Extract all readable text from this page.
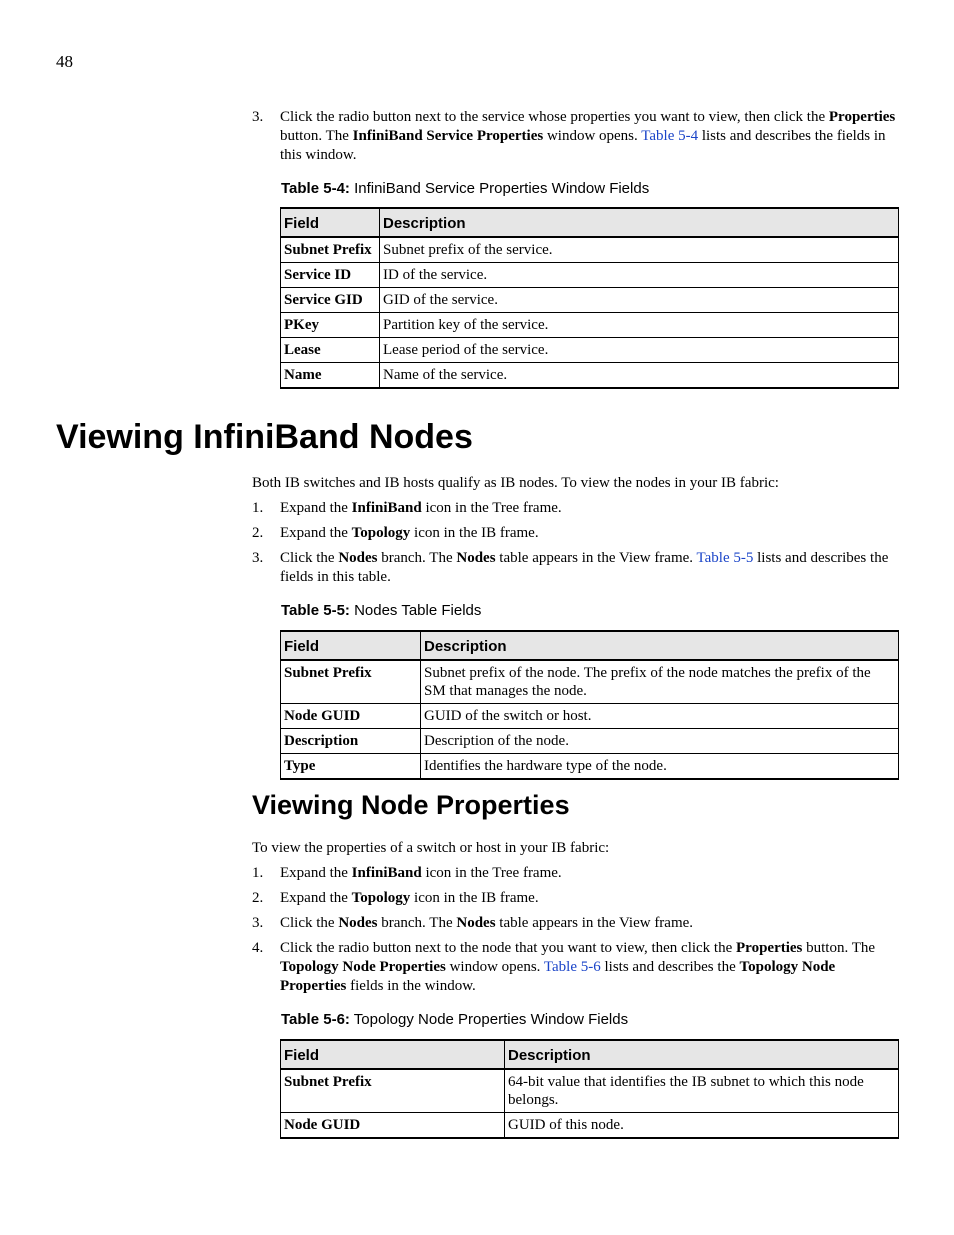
48
3. Click the radio button next to the service whose properties you want to view, then click the Properties button. The InfiniBand Service Properties window opens. Table 5-4 lists and describes the fields in this window.
Table 5-4: InfiniBand Service Properties Window Fields
Field	Description
Subnet Prefix	Subnet prefix of the service.
Service ID	ID of the service.
Service GID	GID of the service.
PKey	Partition key of the service.
Lease	Lease period of the service.
Name	Name of the service.
Viewing InfiniBand Nodes
Both IB switches and IB hosts qualify as IB nodes. To view the nodes in your IB fabric:
1. Expand the InfiniBand icon in the Tree frame.
2. Expand the Topology icon in the IB frame.
3. Click the Nodes branch. The Nodes table appears in the View frame. Table 5-5 lists and describes the fields in this table.
Table 5-5: Nodes Table Fields
Field	Description
Subnet Prefix	Subnet prefix of the node. The prefix of the node matches the prefix of the SM that manages the node.
Node GUID	GUID of the switch or host.
Description	Description of the node.
Type	Identifies the hardware type of the node.
Viewing Node Properties
To view the properties of a switch or host in your IB fabric:
1. Expand the InfiniBand icon in the Tree frame.
2. Expand the Topology icon in the IB frame.
3. Click the Nodes branch. The Nodes table appears in the View frame.
4. Click the radio button next to the node that you want to view, then click the Properties button. The Topology Node Properties window opens. Table 5-6 lists and describes the Topology Node Properties fields in the window.
Table 5-6: Topology Node Properties Window Fields
Field	Description
Subnet Prefix	64-bit value that identifies the IB subnet to which this node belongs.
Node GUID	GUID of this node.
